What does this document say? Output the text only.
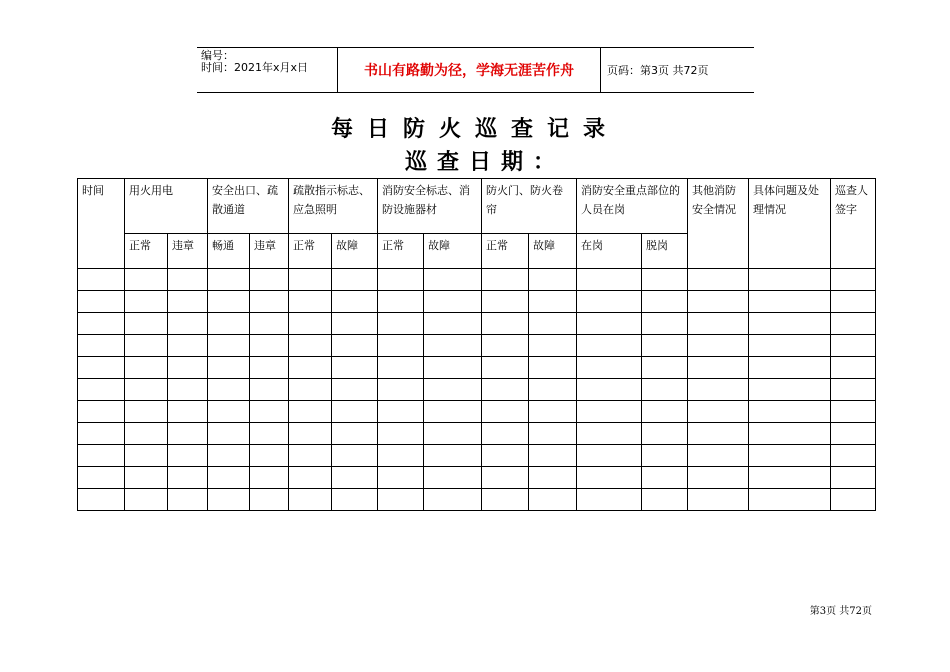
编号：
时间：2021年x月x日	书山有路勤为径，学海无涯苦作舟	页码：第3页 共72页
每日防火巡查记录
巡查日期：
时间	用火用电		安全出口、疏散通道		疏散指示标志、应急照明		消防安全标志、消防设施器材		防火门、防火卷帘		消防安全重点部位的人员在岗		其他消防安全情况	具体问题及处理情况	巡查人签字
	正常	违章	畅通	违章	正常	故障	正常	故障	正常	故障	在岗	脱岗			

第3页 共72页
